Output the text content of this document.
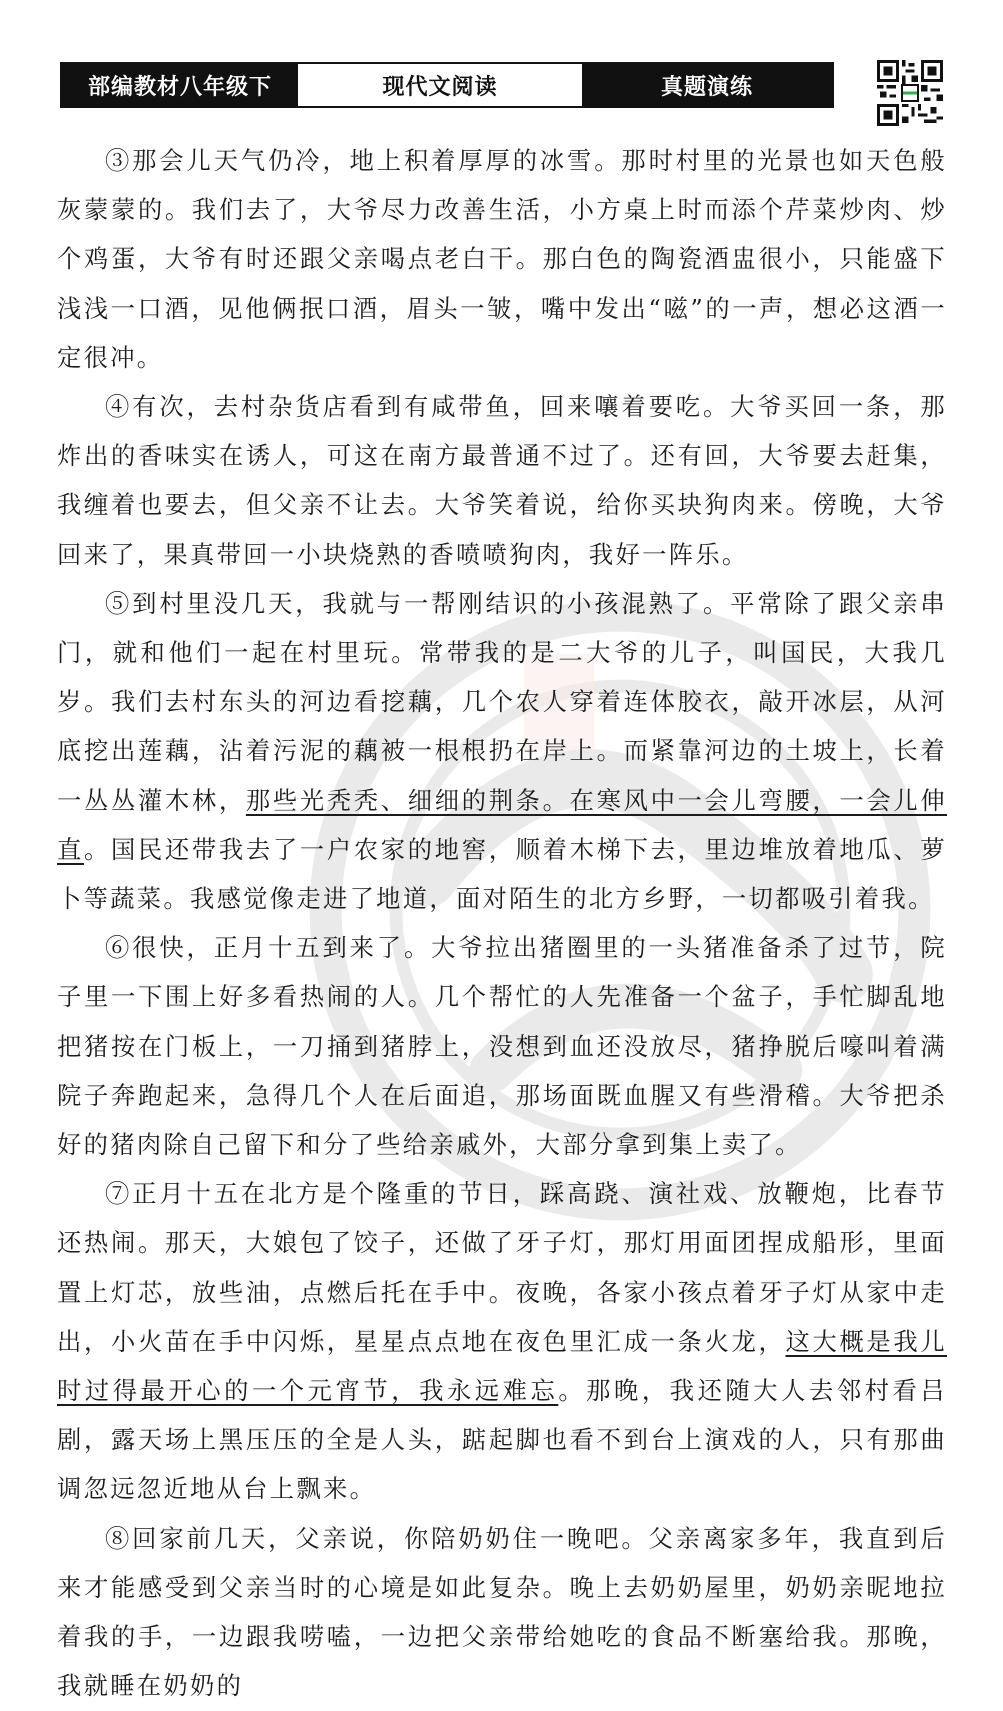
部编教材八年级下	现代文阅读	真题演练

③那会儿天气仍冷，地上积着厚厚的冰雪。那时村里的光景也如天色般灰蒙蒙的。我们去了，大爷尽力改善生活，小方桌上时而添个芹菜炒肉、炒个鸡蛋，大爷有时还跟父亲喝点老白干。那白色的陶瓷酒盅很小，只能盛下浅浅一口酒，见他俩抿口酒，眉头一皱，嘴中发出“嗞”的一声，想必这酒一定很冲。

④有次，去村杂货店看到有咸带鱼，回来嚷着要吃。大爷买回一条，那炸出的香味实在诱人，可这在南方最普通不过了。还有回，大爷要去赶集，我缠着也要去，但父亲不让去。大爷笑着说，给你买块狗肉来。傍晚，大爷回来了，果真带回一小块烧熟的香喷喷狗肉，我好一阵乐。

⑤到村里没几天，我就与一帮刚结识的小孩混熟了。平常除了跟父亲串门，就和他们一起在村里玩。常带我的是二大爷的儿子，叫国民，大我几岁。我们去村东头的河边看挖藕，几个农人穿着连体胶衣，敲开冰层，从河底挖出莲藕，沾着污泥的藕被一根根扔在岸上。而紧靠河边的土坡上，长着一丛丛灌木林，那些光秃秃、细细的荆条。在寒风中一会儿弯腰，一会儿伸直。国民还带我去了一户农家的地窖，顺着木梯下去，里边堆放着地瓜、萝卜等蔬菜。我感觉像走进了地道，面对陌生的北方乡野，一切都吸引着我。

⑥很快，正月十五到来了。大爷拉出猪圈里的一头猪准备杀了过节，院子里一下围上好多看热闹的人。几个帮忙的人先准备一个盆子，手忙脚乱地把猪按在门板上，一刀捅到猪脖上，没想到血还没放尽，猪挣脱后嚎叫着满院子奔跑起来，急得几个人在后面追，那场面既血腥又有些滑稽。大爷把杀好的猪肉除自己留下和分了些给亲戚外，大部分拿到集上卖了。

⑦正月十五在北方是个隆重的节日，踩高跷、演社戏、放鞭炮，比春节还热闹。那天，大娘包了饺子，还做了牙子灯，那灯用面团捏成船形，里面置上灯芯，放些油，点燃后托在手中。夜晚，各家小孩点着牙子灯从家中走出，小火苗在手中闪烁，星星点点地在夜色里汇成一条火龙，这大概是我儿时过得最开心的一个元宵节，我永远难忘。那晚，我还随大人去邻村看吕剧，露天场上黑压压的全是人头，踮起脚也看不到台上演戏的人，只有那曲调忽远忽近地从台上飘来。

⑧回家前几天，父亲说，你陪奶奶住一晚吧。父亲离家多年，我直到后来才能感受到父亲当时的心境是如此复杂。晚上去奶奶屋里，奶奶亲昵地拉着我的手，一边跟我唠嗑，一边把父亲带给她吃的食品不断塞给我。那晚，我就睡在奶奶的
